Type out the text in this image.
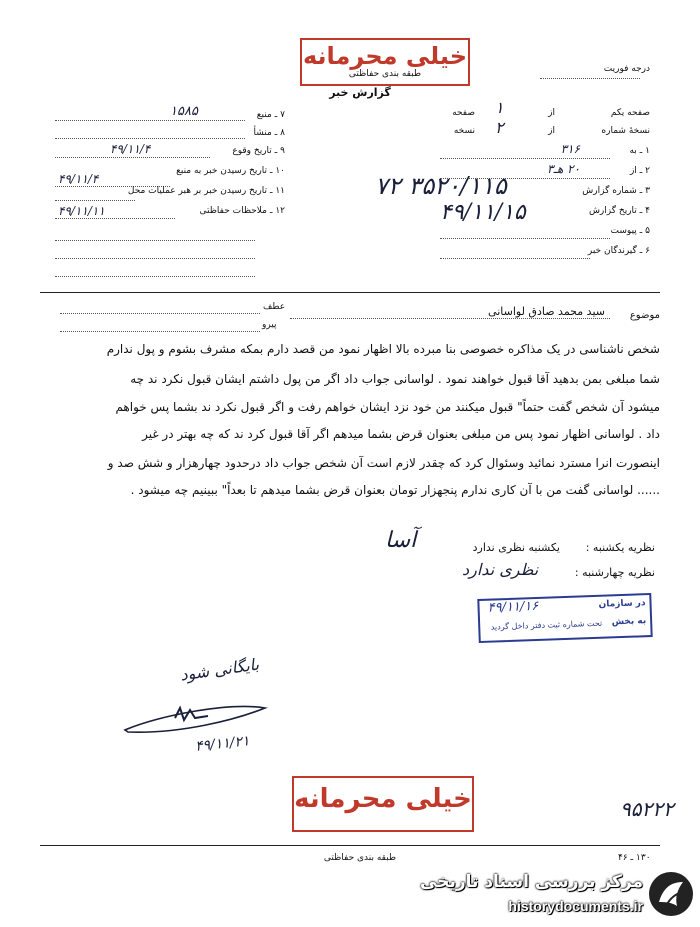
خیلی محرمانه
طبقه بندی حفاظتی
گزارش خبر
درجه فوریت
صفحه یکم
از
صفحه ۱
نسخهٔ شماره
از
نسخه ۲
۱ ـ به
۳۱۶
۲ ـ از
۲۰ هـ۳
۳ ـ شماره گزارش
۳۵۲۰/۱۱۵ ۷۲
۴ ـ تاریخ گزارش
۴۹/۱۱/۱۵
۵ ـ پیوست
۶ ـ گیرندگان خبر
۷ ـ منبع
۱۵۸۵
۸ ـ منشأ
۹ ـ تاریخ وقوع
۴۹/۱۱/۴
۱۰ ـ تاریخ رسیدن خبر به منبع
۴۹/۱۱/۴
۱۱ ـ تاریخ رسیدن خبر بر هبر عملیات محل
۱۲ ـ ملاحظات حفاظتی
۴۹/۱۱/۱۱
موضوع
سید محمد صادق لواسانی
عطف
پیرو
شخص ناشناسی در یک مذاکره خصوصی بنا مبرده بالا اظهار نمود من قصد دارم بمکه مشرف بشوم و پول ندارم
شما مبلغی بمن بدهید آقا قبول خواهند نمود . لواسانی جواب داد اگر من پول داشتم ایشان قبول نکرد ند چه
میشود آن شخص گفت حتماً" قبول میکنند من خود نزد ایشان خواهم رفت و اگر قبول نکرد ند بشما پس خواهم
داد . لواسانی اظهار نمود پس من مبلغی بعنوان قرض بشما میدهم اگر آقا قبول کرد ند که چه بهتر در غیر
اینصورت انرا مسترد نمائید وسئوال کرد که چقدر لازم است آن شخص جواب داد درحدود چهارهزار و شش صد و
...... لواسانی گفت من با آن کاری ندارم پنجهزار تومان بعنوان قرض بشما میدهم تا بعداً" ببینیم چه میشود .
نظریه یکشنبه :
یکشنبه نظری ندارد
آسا
نظریه چهارشنبه :
نظری ندارد
در سازمان
۴۹/۱۱/۱۶
به بخش
تحت شماره ثبت دفتر داخل گردید
بایگانی شود
۴۹/۱۱/۲۱
خیلی محرمانه
طبقه بندی حفاظتی
۹۵۲۲۲
۱۳۰ ـ ۴۶
مرکز بررسی اسناد تاریخی
historydocuments.ir
